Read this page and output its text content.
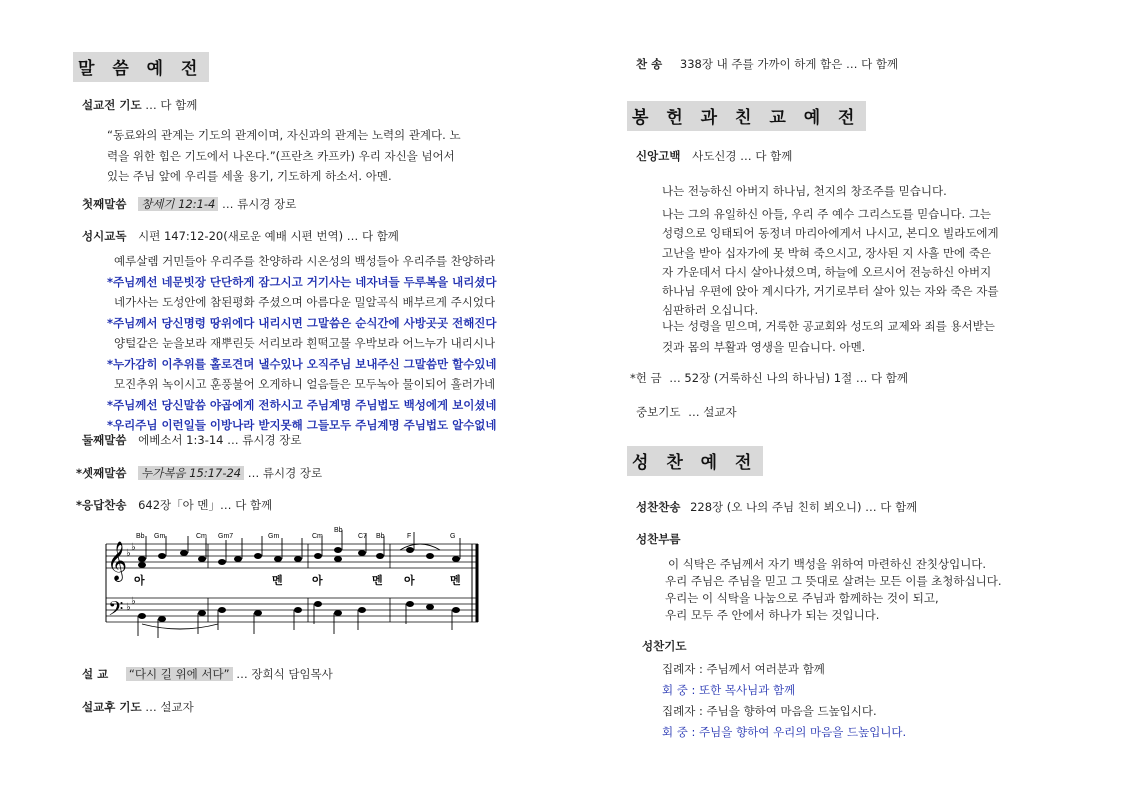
말 씀 예 전
설교전 기도 … 다 함께
“동료와의 관계는 기도의 관계이며, 자신과의 관계는 노력의 관계다. 노
력을 위한 힘은 기도에서 나온다.”(프란츠 카프카) 우리 자신을 넘어서
있는 주님 앞에 우리를 세울 용기, 기도하게 하소서. 아멘.
첫째말씀 창세기 12:1-4 … 류시경 장로
성시교독 시편 147:12-20(새로운 예배 시편 번역) … 다 함께
예루살렘 거민들아 우리주를 찬양하라 시온성의 백성들아 우리주를 찬양하라
*주님께선 네문빗장 단단하게 잠그시고 거기사는 네자녀들 두루복을 내리셨다
네가사는 도성안에 참된평화 주셨으며 아름다운 밀알곡식 배부르게 주시었다
*주님께서 당신명령 땅위에다 내리시면 그말씀은 순식간에 사방곳곳 전해진다
양털같은 눈을보라 재뿌린듯 서리보라 흰떡고물 우박보라 어느누가 내리시나
*누가감히 이추위를 홀로견뎌 낼수있나 오직주님 보내주신 그말씀만 할수있네
모진추위 녹이시고 훈풍불어 오게하니 얼음들은 모두녹아 물이되어 흘러가네
*주님께선 당신말씀 야곱에게 전하시고 주님계명 주님법도 백성에게 보이셨네
*우리주님 이런일들 이방나라 받지못해 그들모두 주님계명 주님법도 알수없네
둘째말씀 에베소서 1:3-14 … 류시경 장로
*셋째말씀 누가복음 15:17-24 … 류시경 장로
*응답찬송 642장「아 멘」… 다 함께
𝄞
𝄢
♭
♭
♭
♭
Bb Gm	Cm Gm7	Gm	Cm
Bb
C7 Bb	F	G
아	멘	아	멘 아	멘
설 교 “다시 길 위에 서다” … 장희식 담임목사
설교후 기도 … 설교자
찬 송 338장 내 주를 가까이 하게 함은 … 다 함께
봉 헌 과 친 교 예 전
신앙고백 사도신경 … 다 함께
나는 전능하신 아버지 하나님, 천지의 창조주를 믿습니다.
나는 그의 유일하신 아들, 우리 주 예수 그리스도를 믿습니다. 그는
성령으로 잉태되어 동정녀 마리아에게서 나시고, 본디오 빌라도에게
고난을 받아 십자가에 못 박혀 죽으시고, 장사된 지 사흘 만에 죽은
자 가운데서 다시 살아나셨으며, 하늘에 오르시어 전능하신 아버지
하나님 우편에 앉아 계시다가, 거기로부터 살아 있는 자와 죽은 자를
심판하러 오십니다.
나는 성령을 믿으며, 거룩한 공교회와 성도의 교제와 죄를 용서받는
것과 몸의 부활과 영생을 믿습니다. 아멘.
*헌 금 … 52장 (거룩하신 나의 하나님) 1절 … 다 함께
중보기도 … 설교자
성 찬 예 전
성찬찬송 228장 (오 나의 주님 친히 뵈오니) … 다 함께
성찬부름
이 식탁은 주님께서 자기 백성을 위하여 마련하신 잔칫상입니다.
우리 주님은 주님을 믿고 그 뜻대로 살려는 모든 이를 초청하십니다.
우리는 이 식탁을 나눔으로 주님과 함께하는 것이 되고,
우리 모두 주 안에서 하나가 되는 것입니다.
성찬기도
집례자 : 주님께서 여러분과 함께
회 중 : 또한 목사님과 함께
집례자 : 주님을 향하여 마음을 드높입시다.
회 중 : 주님을 향하여 우리의 마음을 드높입니다.
